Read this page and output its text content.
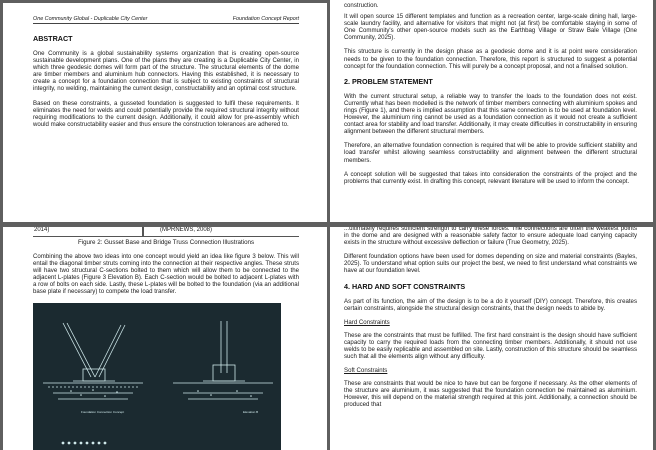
One Community Global - Duplicable City Center	Foundation Concept Report
ABSTRACT

One Community is a global sustainability systems organization that is creating open-source sustainable development plans. One of the plans they are creating is a Duplicable City Center, in which three geodesic domes will form part of the structure. The structural elements of the dome are timber members and aluminium hub connectors. Having this established, it is necessary to create a concept for a foundation connection that is subject to existing constraints of structural integrity, no welding, maintaining the current design, constructability and an optimal cost structure.

Based on these constraints, a gusseted foundation is suggested to fulfil these requirements. It eliminates the need for welds and could potentially provide the required structural integrity without requiring modifications to the current design. Additionally, it could allow for pre-assembly which would make constructability easier and thus ensure the construction tolerances are adhered to.

construction.

It will open source 15 different templates and function as a recreation center, large-scale dining hall, large-scale laundry facility, and alternative for visitors that might not (at first) be comfortable staying in some of One Community's other open-source models such as the Earthbag Village or Straw Bale Village (One Community, 2025).

This structure is currently in the design phase as a geodesic dome and it is at point were consideration needs to be given to the foundation connection. Therefore, this report is structured to suggest a potential concept for the foundation connection. This will purely be a concept proposal, and not a finalised solution.

2. PROBLEM STATEMENT

With the current structural setup, a reliable way to transfer the loads to the foundation does not exist. Currently what has been modelled is the network of timber members connecting with aluminium spokes and rings (Figure 1), and there is implied assumption that this same connection is to be used at foundation level. However, the aluminium ring cannot be used as a foundation connection as it would not create a sufficient contact area for stability and load transfer. Additionally, it may create difficulties in constructability in ensuring alignment between the different structural members.

Therefore, an alternative foundation connection is required that will be able to provide sufficient stability and load transfer whilst allowing seamless constructability and alignment between the different structural members.

A concept solution will be suggested that takes into consideration the constraints of the project and the problems that currently exist. In drafting this concept, relevant literature will be used to inform the concept.

2014)	(MPRNEWS, 2008)
Figure 2: Gusset Base and Bridge Truss Connection Illustrations

Combining the above two ideas into one concept would yield an idea like figure 3 below. This will entail the diagonal timber struts coming into the connection at their respective angles. These struts will have two structural C-sections bolted to them which will allow them to be connected to the adjacent L-plates (Figure 3 Elevation B). Each C-section would be bolted to adjacent L-plates with a row of bolts on each side. Lastly, these L-plates will be bolted to the foundation (via an additional base plate if necessary) to compete the load transfer.

Foundation Connection Concept	Elevation B

...ultimately requires sufficient strength to carry these forces. The connections are often the weakest points in the dome and are designed with a reasonable safety factor to ensure adequate load carrying capacity exists in the structure without excessive deflection or failure (True Geometry, 2025).

Different foundation options have been used for domes depending on size and material constraints (Bayles, 2025). To understand what option suits our project the best, we need to first understand what constraints we have at our foundation level.

4. HARD AND SOFT CONSTRAINTS

As part of its function, the aim of the design is to be a do it yourself (DIY) concept. Therefore, this creates certain constraints, alongside the structural design constraints, that the design needs to abide by.

Hard Constraints

These are the constraints that must be fulfilled. The first hard constraint is the design should have sufficient capacity to carry the required loads from the connecting timber members. Additionally, it should not use welds to be easily replicable and assembled on site. Lastly, construction of this structure should be seamless such that all the elements align without any difficulty.

Soft Constraints

These are constraints that would be nice to have but can be forgone if necessary. As the other elements of the structure are aluminium, it was suggested that the foundation connection be maintained as aluminium. However, this will depend on the material strength required at this joint. Additionally, a connection should be produced that
